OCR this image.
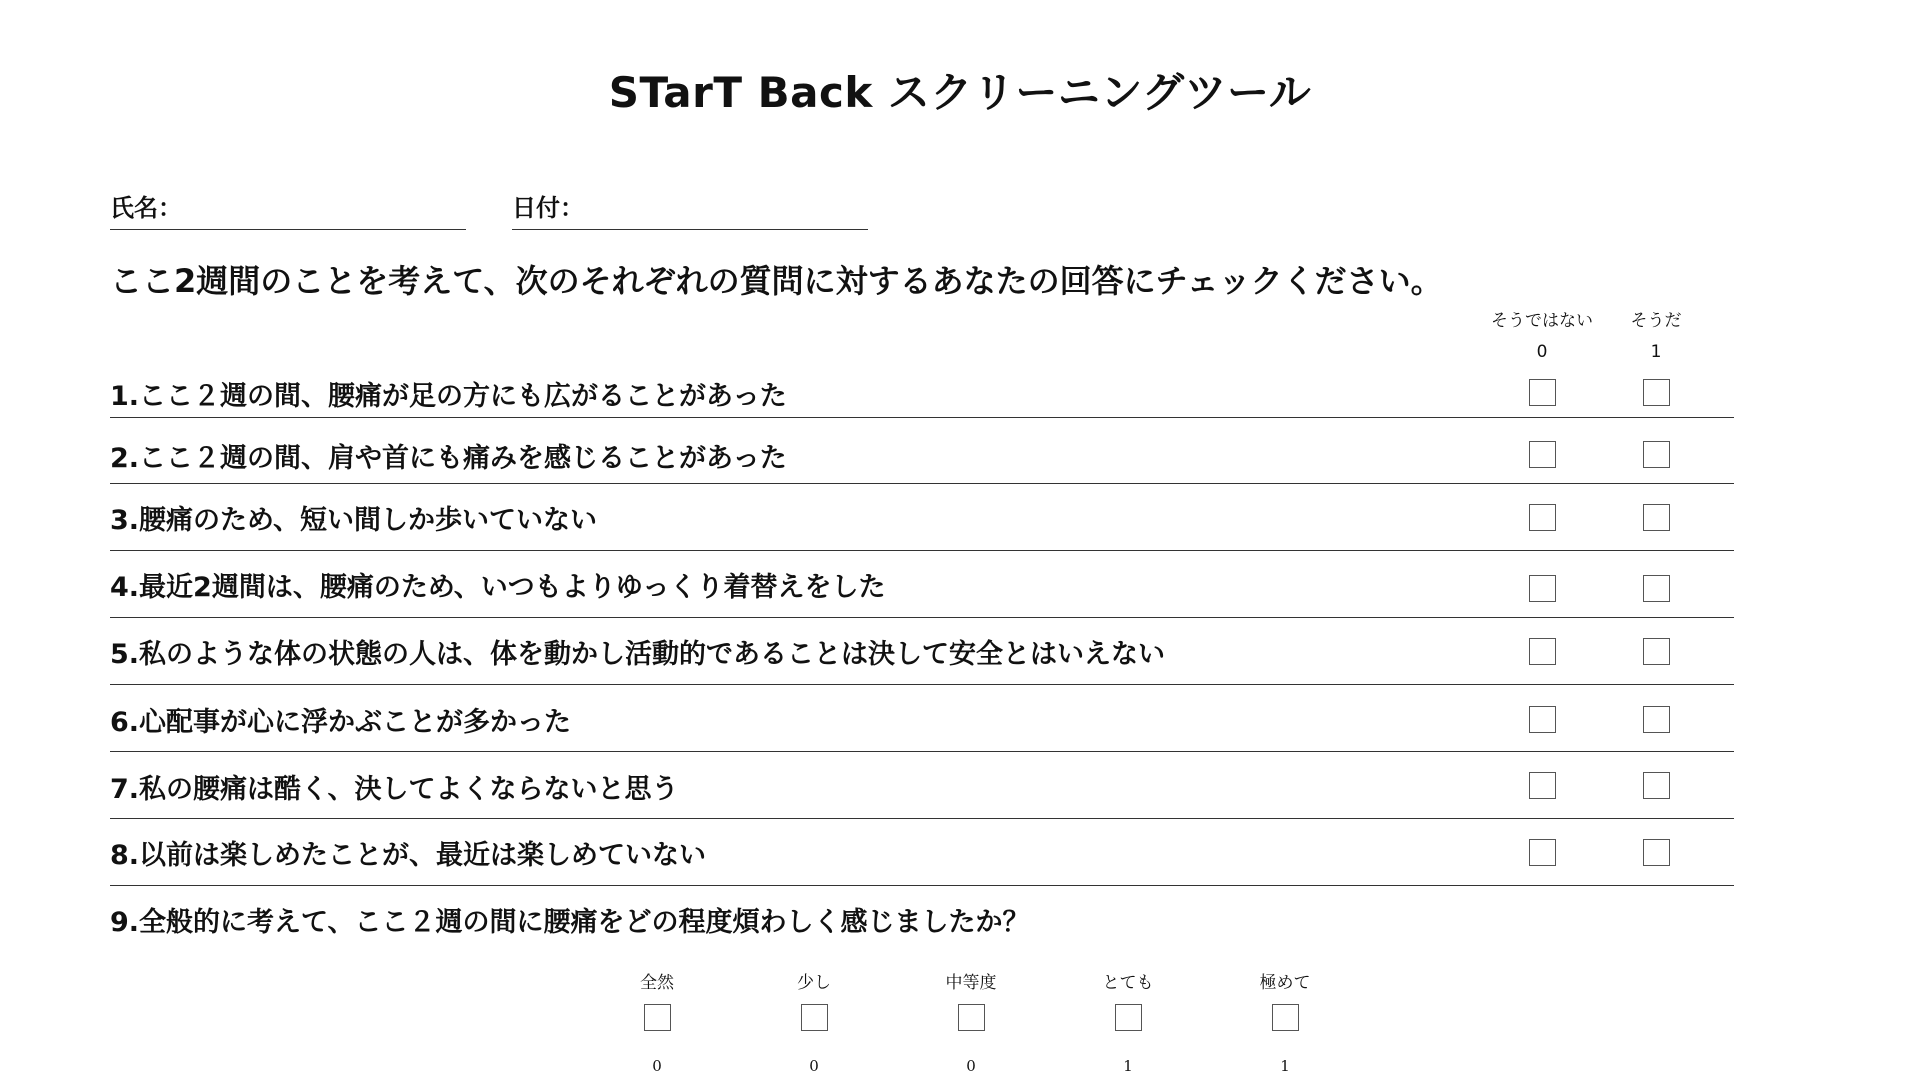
STarT Back スクリーニングツール
氏名：	日付：
ここ2週間のことを考えて、次のそれぞれの質問に対するあなたの回答にチェックください。
そうではない	そうだ
0	1
1.ここ２週の間、腰痛が足の方にも広がることがあった
2.ここ２週の間、肩や首にも痛みを感じることがあった
3.腰痛のため、短い間しか歩いていない
4.最近2週間は、腰痛のため、いつもよりゆっくり着替えをした
5.私のような体の状態の人は、体を動かし活動的であることは決して安全とはいえない
6.心配事が心に浮かぶことが多かった
7.私の腰痛は酷く、決してよくならないと思う
8.以前は楽しめたことが、最近は楽しめていない
9.全般的に考えて、ここ２週の間に腰痛をどの程度煩わしく感じましたか？
全然
0
少し
0
中等度
0
とても
1
極めて
1
